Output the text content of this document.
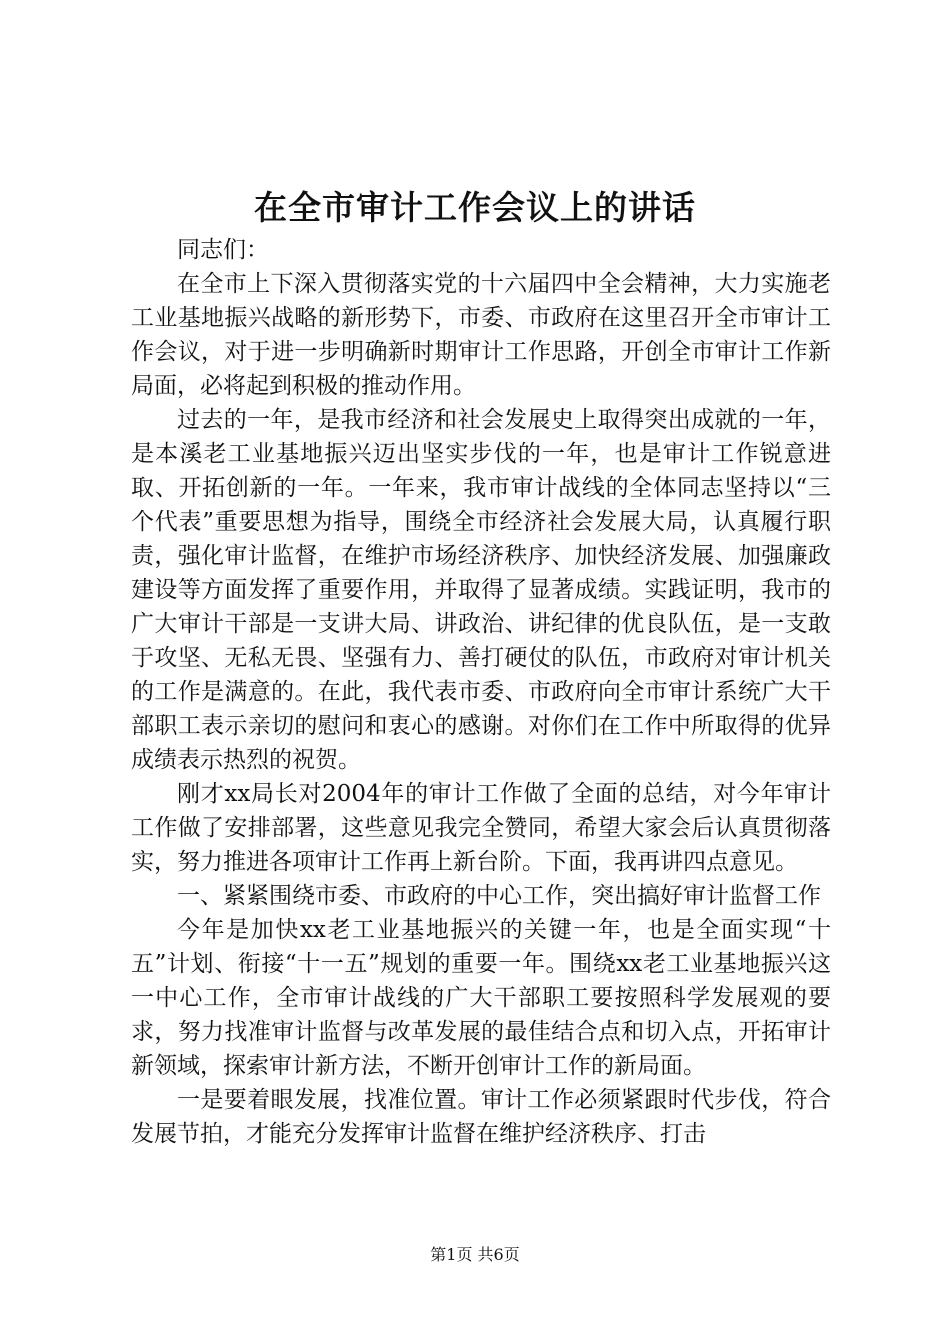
在全市审计工作会议上的讲话

同志们：

在全市上下深入贯彻落实党的十六届四中全会精神，大力实施老工业基地振兴战略的新形势下，市委、市政府在这里召开全市审计工作会议，对于进一步明确新时期审计工作思路，开创全市审计工作新局面，必将起到积极的推动作用。

过去的一年，是我市经济和社会发展史上取得突出成就的一年，是本溪老工业基地振兴迈出坚实步伐的一年，也是审计工作锐意进取、开拓创新的一年。一年来，我市审计战线的全体同志坚持以“三个代表”重要思想为指导，围绕全市经济社会发展大局，认真履行职责，强化审计监督，在维护市场经济秩序、加快经济发展、加强廉政建设等方面发挥了重要作用，并取得了显著成绩。实践证明，我市的广大审计干部是一支讲大局、讲政治、讲纪律的优良队伍，是一支敢于攻坚、无私无畏、坚强有力、善打硬仗的队伍，市政府对审计机关的工作是满意的。在此，我代表市委、市政府向全市审计系统广大干部职工表示亲切的慰问和衷心的感谢。对你们在工作中所取得的优异成绩表示热烈的祝贺。

刚才xx局长对2004年的审计工作做了全面的总结，对今年审计工作做了安排部署，这些意见我完全赞同，希望大家会后认真贯彻落实，努力推进各项审计工作再上新台阶。下面，我再讲四点意见。

一、紧紧围绕市委、市政府的中心工作，突出搞好审计监督工作

今年是加快xx老工业基地振兴的关键一年，也是全面实现“十五”计划、衔接“十一五”规划的重要一年。围绕xx老工业基地振兴这一中心工作，全市审计战线的广大干部职工要按照科学发展观的要求，努力找准审计监督与改革发展的最佳结合点和切入点，开拓审计新领域，探索审计新方法，不断开创审计工作的新局面。

一是要着眼发展，找准位置。审计工作必须紧跟时代步伐，符合发展节拍，才能充分发挥审计监督在维护经济秩序、打击

第1页 共6页
